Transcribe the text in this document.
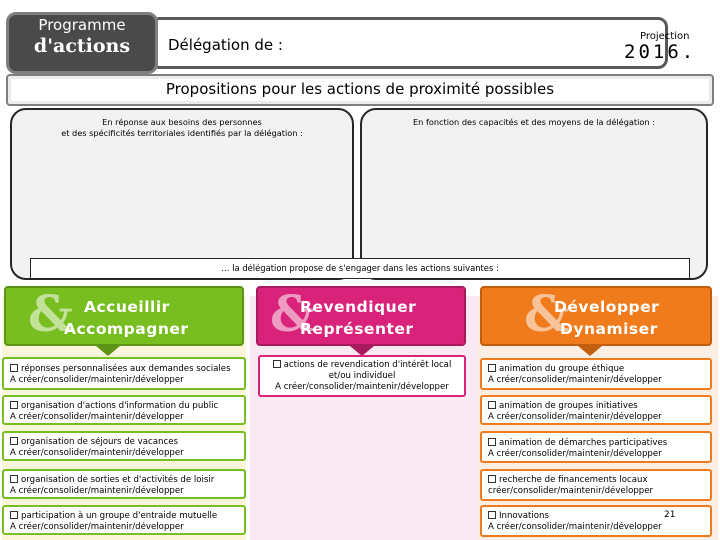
Programme
d'actions	Délégation de :	Projection
2016.
Propositions pour les actions de proximité possibles
En réponse aux besoins des personnes
et des spécificités territoriales identifiés par la délégation :
En fonction des capacités et des moyens de la délégation :
… la délégation propose de s'engager dans les actions suivantes :
& Accueillir
Accompagner &
Revendiquer
Représenter &
Développer
Dynamiser
réponses personnalisées aux demandes sociales
A créer/consolider/maintenir/développer
organisation d'actions d'information du public
A créer/consolider/maintenir/développer
organisation de séjours de vacances
A créer/consolider/maintenir/développer
organisation de sorties et d'activités de loisir
A créer/consolider/maintenir/développer
participation à un groupe d'entraide mutuelle
A créer/consolider/maintenir/développer
actions de revendication d'intérêt local
et/ou individuel
A créer/consolider/maintenir/développer
animation du groupe éthique
A créer/consolider/maintenir/développer
animation de groupes initiatives
A créer/consolider/maintenir/développer
animation de démarches participatives
A créer/consolider/maintenir/développer
recherche de financements locaux
créer/consolider/maintenir/développer
Innovations
A créer/consolider/maintenir/développer
21
